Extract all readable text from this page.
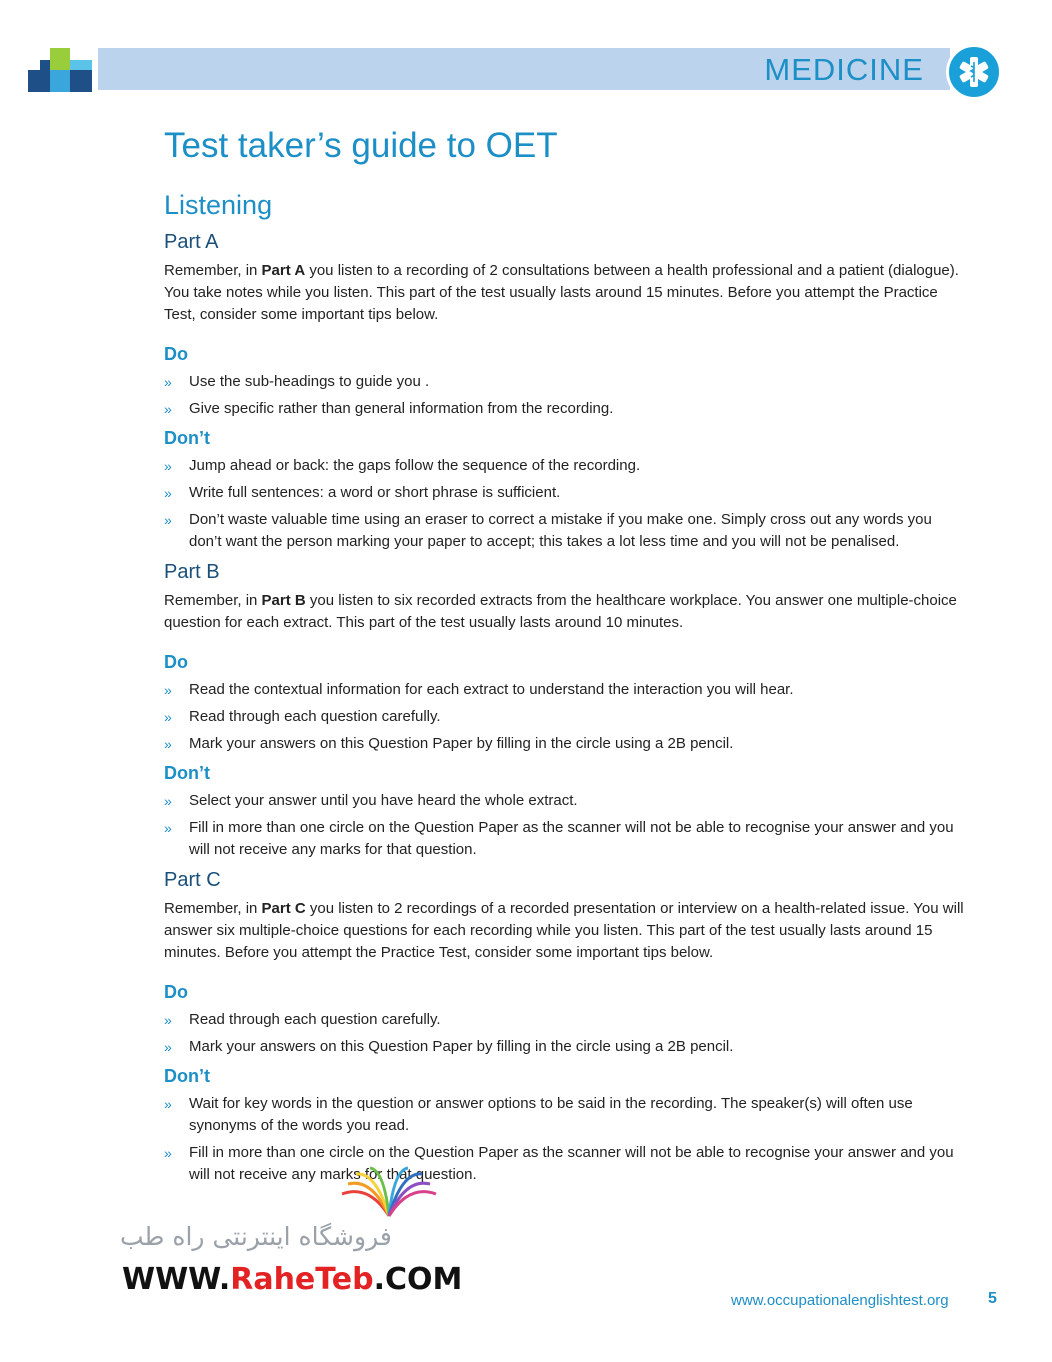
MEDICINE
Test taker’s guide to OET
Listening
Part A

Remember, in Part A you listen to a recording of 2 consultations between a health professional and a patient (dialogue). You take notes while you listen. This part of the test usually lasts around 15 minutes. Before you attempt the Practice Test, consider some important tips below.

Do
» Use the sub-headings to guide you .
» Give specific rather than general information from the recording.
Don’t
» Jump ahead or back: the gaps follow the sequence of the recording.
» Write full sentences: a word or short phrase is sufficient.
» Don’t waste valuable time using an eraser to correct a mistake if you make one. Simply cross out any words you don’t want the person marking your paper to accept; this takes a lot less time and you will not be penalised.
Part B

Remember, in Part B you listen to six recorded extracts from the healthcare workplace. You answer one multiple-choice question for each extract. This part of the test usually lasts around 10 minutes.

Do
» Read the contextual information for each extract to understand the interaction you will hear.
» Read through each question carefully.
» Mark your answers on this Question Paper by filling in the circle using a 2B pencil.
Don’t
» Select your answer until you have heard the whole extract.
» Fill in more than one circle on the Question Paper as the scanner will not be able to recognise your answer and you will not receive any marks for that question.
Part C

Remember, in Part C you listen to 2 recordings of a recorded presentation or interview on a health-related issue. You will answer six multiple-choice questions for each recording while you listen. This part of the test usually lasts around 15 minutes. Before you attempt the Practice Test, consider some important tips below.

Do
» Read through each question carefully.
» Mark your answers on this Question Paper by filling in the circle using a 2B pencil.
Don’t
» Wait for key words in the question or answer options to be said in the recording. The speaker(s) will often use synonyms of the words you read.
» Fill in more than one circle on the Question Paper as the scanner will not be able to recognise your answer and you will not receive any marks for that question.
فروشگاه اینترنتی راه طب
WWW.RaheTeb.COM
www.occupationalenglishtest.org 5
